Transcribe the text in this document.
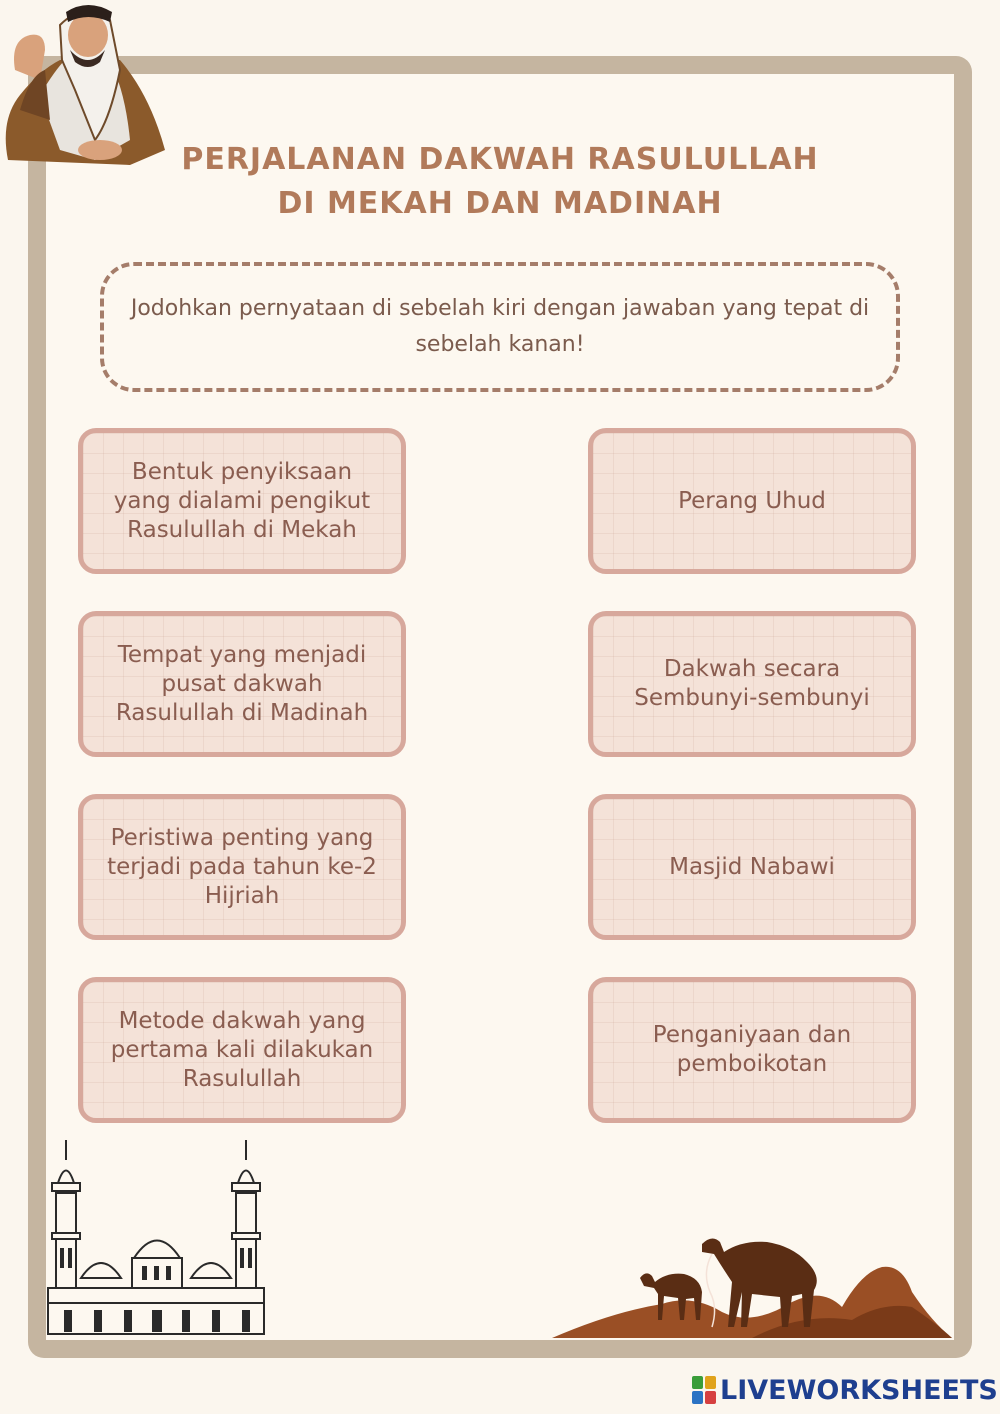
PERJALANAN DAKWAH RASULULLAH
DI MEKAH DAN MADINAH
Jodohkan pernyataan di sebelah kiri dengan jawaban yang tepat di sebelah kanan!
Bentuk penyiksaan yang dialami pengikut Rasulullah di Mekah
Tempat yang menjadi pusat dakwah Rasulullah di Madinah
Peristiwa penting yang terjadi pada tahun ke-2 Hijriah
Metode dakwah yang pertama kali dilakukan Rasulullah
Perang Uhud
Dakwah secara Sembunyi-sembunyi
Masjid Nabawi
Penganiyaan dan pemboikotan
LIVEWORKSHEETS
